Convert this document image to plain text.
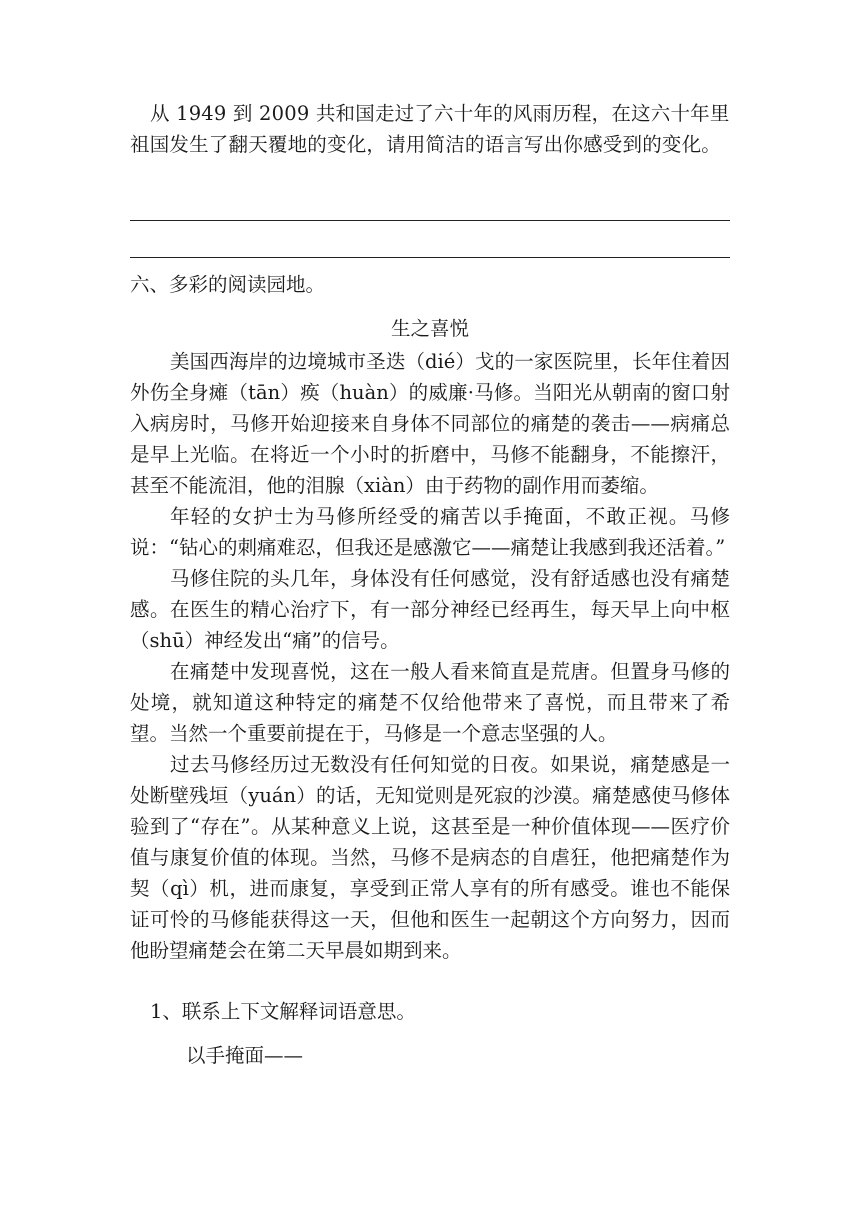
从 1949 到 2009 共和国走过了六十年的风雨历程，在这六十年里祖国发生了翻天覆地的变化，请用简洁的语言写出你感受到的变化。
六、多彩的阅读园地。
生之喜悦

美国西海岸的边境城市圣迭（dié）戈的一家医院里，长年住着因外伤全身瘫（tān）痪（huàn）的威廉·马修。当阳光从朝南的窗口射入病房时，马修开始迎接来自身体不同部位的痛楚的袭击——病痛总是早上光临。在将近一个小时的折磨中，马修不能翻身，不能擦汗，甚至不能流泪，他的泪腺（xiàn）由于药物的副作用而萎缩。

年轻的女护士为马修所经受的痛苦以手掩面，不敢正视。马修说：“钻心的刺痛难忍，但我还是感激它——痛楚让我感到我还活着。”

马修住院的头几年，身体没有任何感觉，没有舒适感也没有痛楚感。在医生的精心治疗下，有一部分神经已经再生，每天早上向中枢（shū）神经发出“痛”的信号。

在痛楚中发现喜悦，这在一般人看来简直是荒唐。但置身马修的处境，就知道这种特定的痛楚不仅给他带来了喜悦，而且带来了希望。当然一个重要前提在于，马修是一个意志坚强的人。

过去马修经历过无数没有任何知觉的日夜。如果说，痛楚感是一处断壁残垣（yuán）的话，无知觉则是死寂的沙漠。痛楚感使马修体验到了“存在”。从某种意义上说，这甚至是一种价值体现——医疗价值与康复价值的体现。当然，马修不是病态的自虐狂，他把痛楚作为契（qì）机，进而康复，享受到正常人享有的所有感受。谁也不能保证可怜的马修能获得这一天，但他和医生一起朝这个方向努力，因而他盼望痛楚会在第二天早晨如期到来。

1、联系上下文解释词语意思。
以手掩面——
